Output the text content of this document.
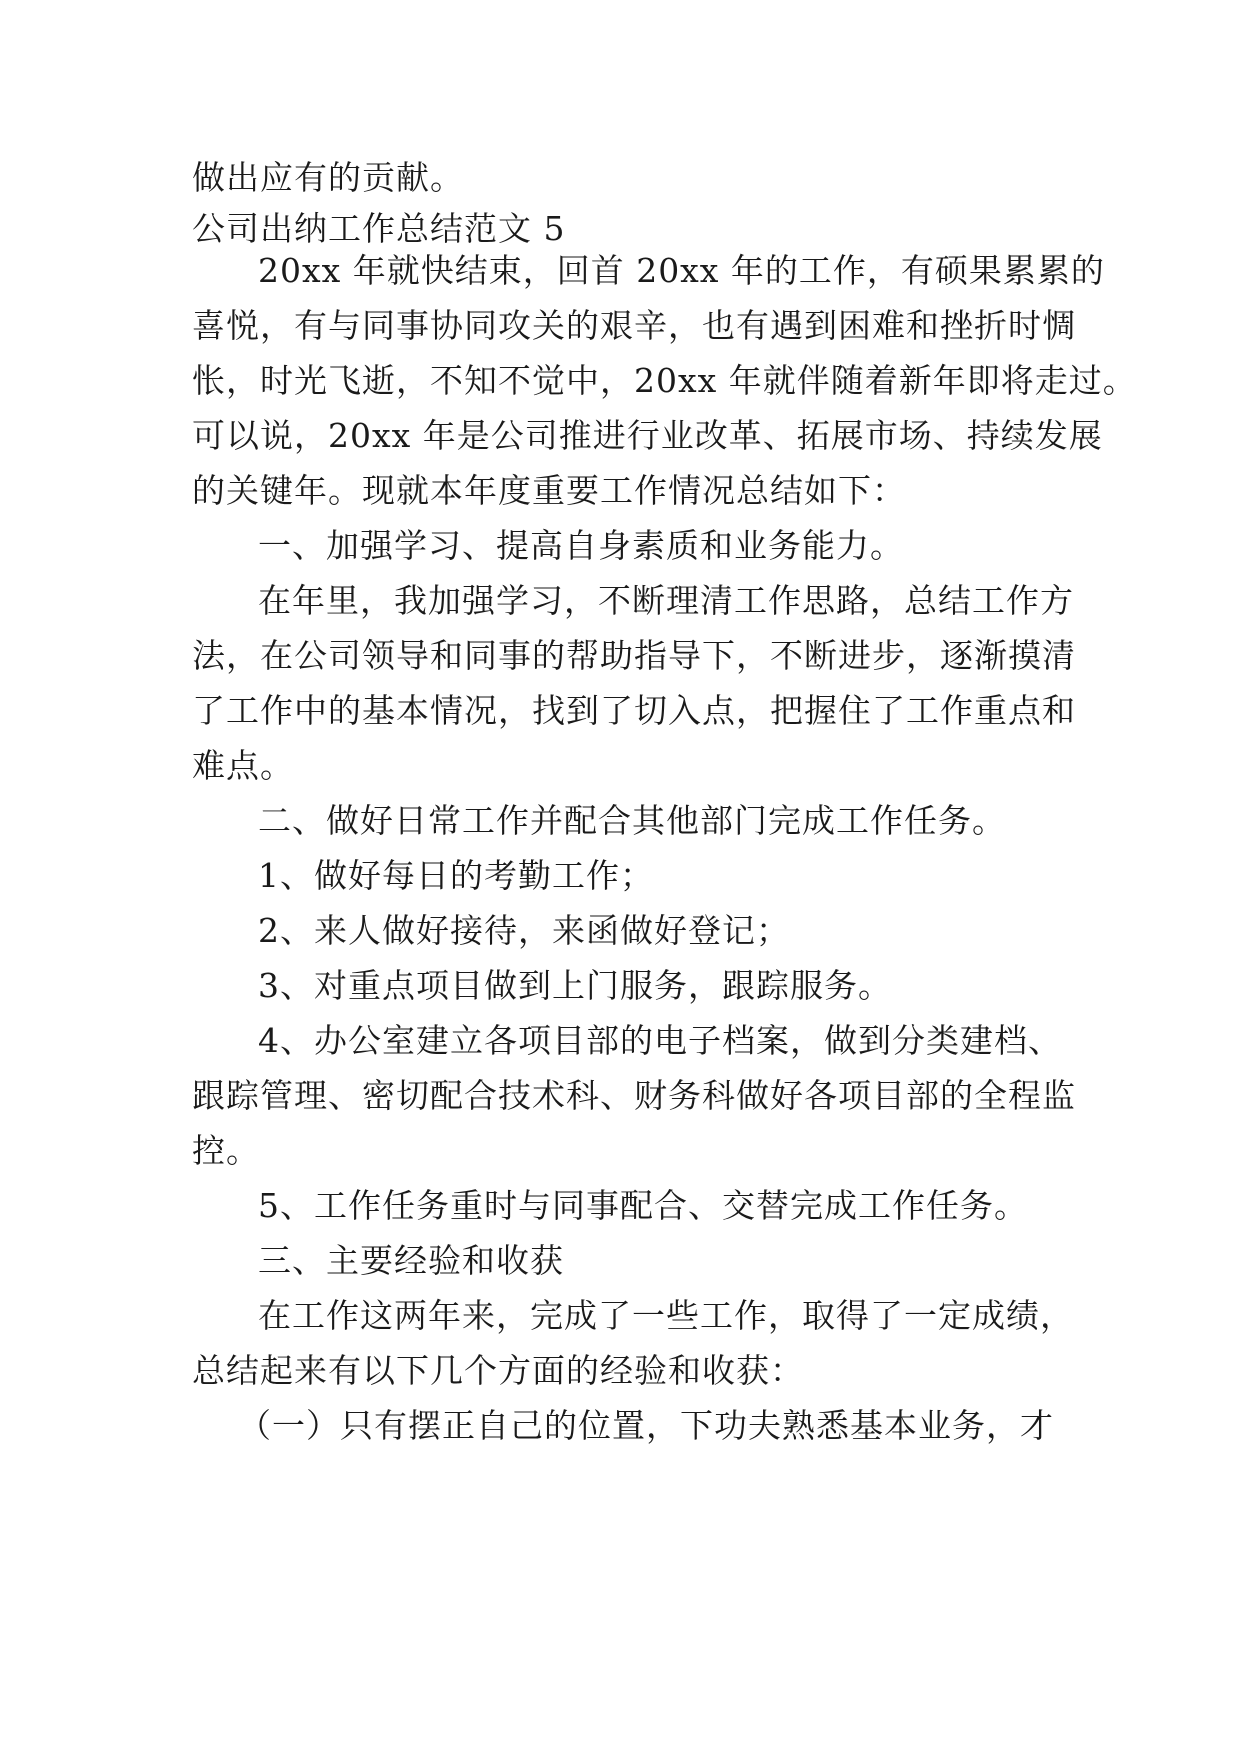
做出应有的贡献。
公司出纳工作总结范文 5
20xx 年就快结束，回首 20xx 年的工作，有硕果累累的
喜悦，有与同事协同攻关的艰辛，也有遇到困难和挫折时惆
怅，时光飞逝，不知不觉中，20xx 年就伴随着新年即将走过。
可以说，20xx 年是公司推进行业改革、拓展市场、持续发展
的关键年。现就本年度重要工作情况总结如下：
一、加强学习、提高自身素质和业务能力。
在年里，我加强学习，不断理清工作思路，总结工作方
法，在公司领导和同事的帮助指导下，不断进步，逐渐摸清
了工作中的基本情况，找到了切入点，把握住了工作重点和
难点。
二、做好日常工作并配合其他部门完成工作任务。
1、做好每日的考勤工作；
2、来人做好接待，来函做好登记；
3、对重点项目做到上门服务，跟踪服务。
4、办公室建立各项目部的电子档案，做到分类建档、
跟踪管理、密切配合技术科、财务科做好各项目部的全程监
控。
5、工作任务重时与同事配合、交替完成工作任务。
三、主要经验和收获
在工作这两年来，完成了一些工作，取得了一定成绩，
总结起来有以下几个方面的经验和收获：
（一）只有摆正自己的位置，下功夫熟悉基本业务，才
